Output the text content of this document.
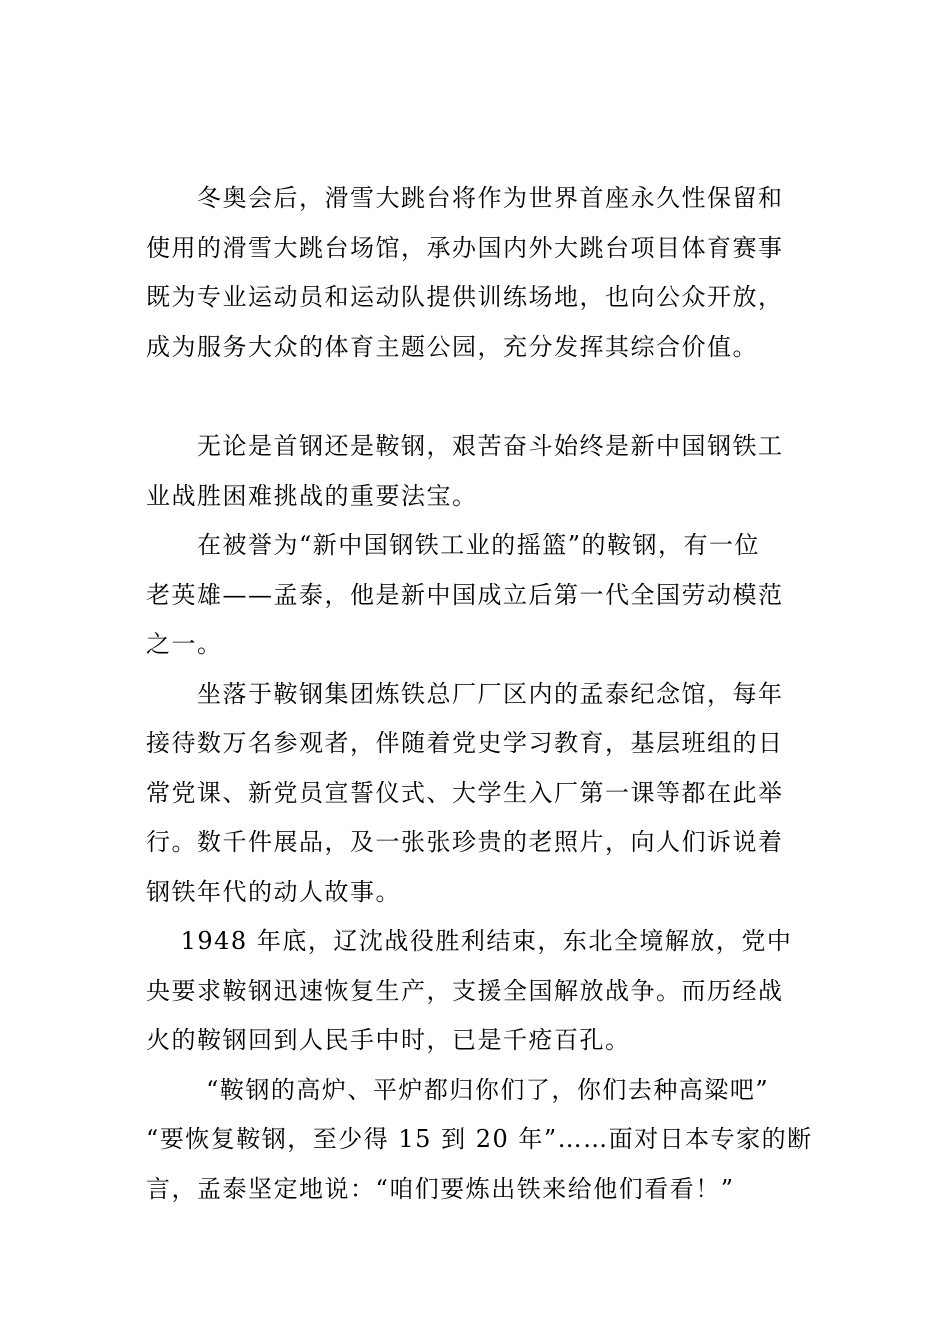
　　冬奥会后，滑雪大跳台将作为世界首座永久性保留和
使用的滑雪大跳台场馆，承办国内外大跳台项目体育赛事
既为专业运动员和运动队提供训练场地，也向公众开放，
成为服务大众的体育主题公园，充分发挥其综合价值。
　　无论是首钢还是鞍钢，艰苦奋斗始终是新中国钢铁工
业战胜困难挑战的重要法宝。
　　在被誉为“新中国钢铁工业的摇篮”的鞍钢，有一位
老英雄——孟泰，他是新中国成立后第一代全国劳动模范
之一。
　　坐落于鞍钢集团炼铁总厂厂区内的孟泰纪念馆，每年
接待数万名参观者，伴随着党史学习教育，基层班组的日
常党课、新党员宣誓仪式、大学生入厂第一课等都在此举
行。数千件展品，及一张张珍贵的老照片，向人们诉说着
钢铁年代的动人故事。
　 1948 年底，辽沈战役胜利结束，东北全境解放，党中
央要求鞍钢迅速恢复生产，支援全国解放战争。而历经战
火的鞍钢回到人民手中时，已是千疮百孔。
　　 “鞍钢的高炉、平炉都归你们了，你们去种高粱吧”
“要恢复鞍钢，至少得 15 到 20 年”……面对日本专家的断
言，孟泰坚定地说：“咱们要炼出铁来给他们看看！”
